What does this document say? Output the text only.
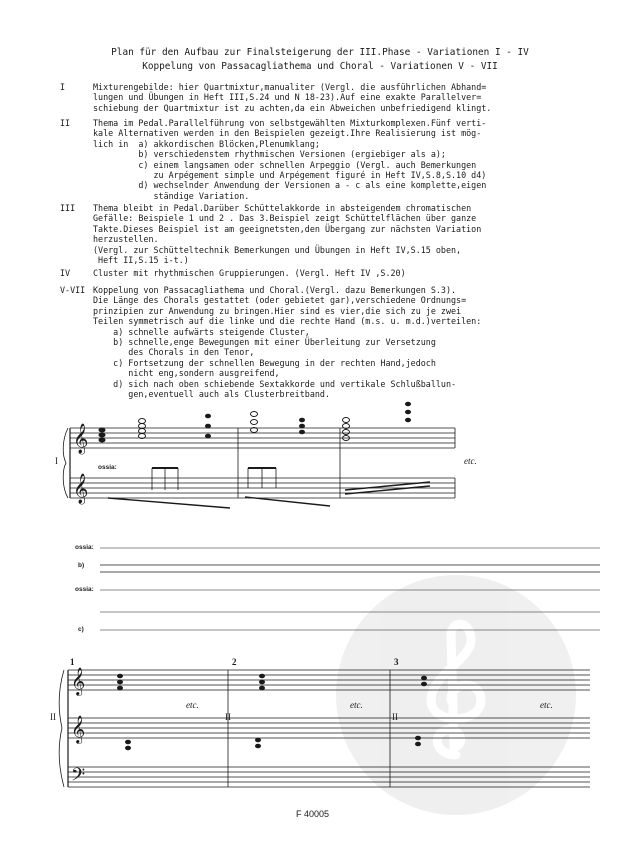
Plan für den Aufbau zur Finalsteigerung der III.Phase - Variationen I - IV
Koppelung von Passacagliathema und Choral - Variationen V - VII
I	Mixturengebilde: hier Quartmixtur,manualiter (Vergl. die ausführlichen Abhand=
lungen und Übungen in Heft III,S.24 und N 18-23).Auf eine exakte Parallelver=
schiebung der Quartmixtur ist zu achten,da ein Abweichen unbefriedigend klingt.
II	Thema im Pedal.Parallelführung von selbstgewählten Mixturkomplexen.Fünf verti-
kale Alternativen werden in den Beispielen gezeigt.Ihre Realisierung ist mög-
lich in  a) akkordischen Blöcken,Plenumklang;
b) verschiedenstem rhythmischen Versionen (ergiebiger als a);
c) einem langsamen oder schnellen Arpeggio (Vergl. auch Bemerkungen
zu Arpégement simple und Arpégement figuré in Heft IV,S.8,S.10 d4)
d) wechselnder Anwendung der Versionen a - c als eine komplette,eigen
ständige Variation.
III	Thema bleibt in Pedal.Darüber Schüttelakkorde in absteigendem chromatischen
Gefälle: Beispiele 1 und 2 . Das 3.Beispiel zeigt Schüttelflächen über ganze
Takte.Dieses Beispiel ist am geeignetsten,den Übergang zur nächsten Variation
herzustellen.
(Vergl. zur Schütteltechnik Bemerkungen und Übungen in Heft IV,S.15 oben,
Heft II,S.15 i-t.)
IV	Cluster mit rhythmischen Gruppierungen. (Vergl. Heft IV ,S.20)
V-VII Koppelung von Passacagliathema und Choral.(Vergl. dazu Bemerkungen S.3).
Die Länge des Chorals gestattet (oder gebietet gar),verschiedene Ordnungs=
prinzipien zur Anwendung zu bringen.Hier sind es vier,die sich zu je zwei
Teilen symmetrisch auf die linke und die rechte Hand (m.s. u. m.d.)verteilen:
a) schnelle aufwärts steigende Cluster,
b) schnelle,enge Bewegungen mit einer Überleitung zur Versetzung
des Chorals in den Tenor,
c) Fortsetzung der schnellen Bewegung in der rechten Hand,jedoch
nicht eng,sondern ausgreifend,
d) sich nach oben schiebende Sextakkorde und vertikale Schlußballun-
gen,eventuell auch als Clusterbreitband.
𝄞
𝄞
𝄞
𝄞
𝄢
I
ossia:
etc.
ossia:
b)
ossia:
c)
1	2	3
II	II	II
etc.	etc.	etc.
F 40005
